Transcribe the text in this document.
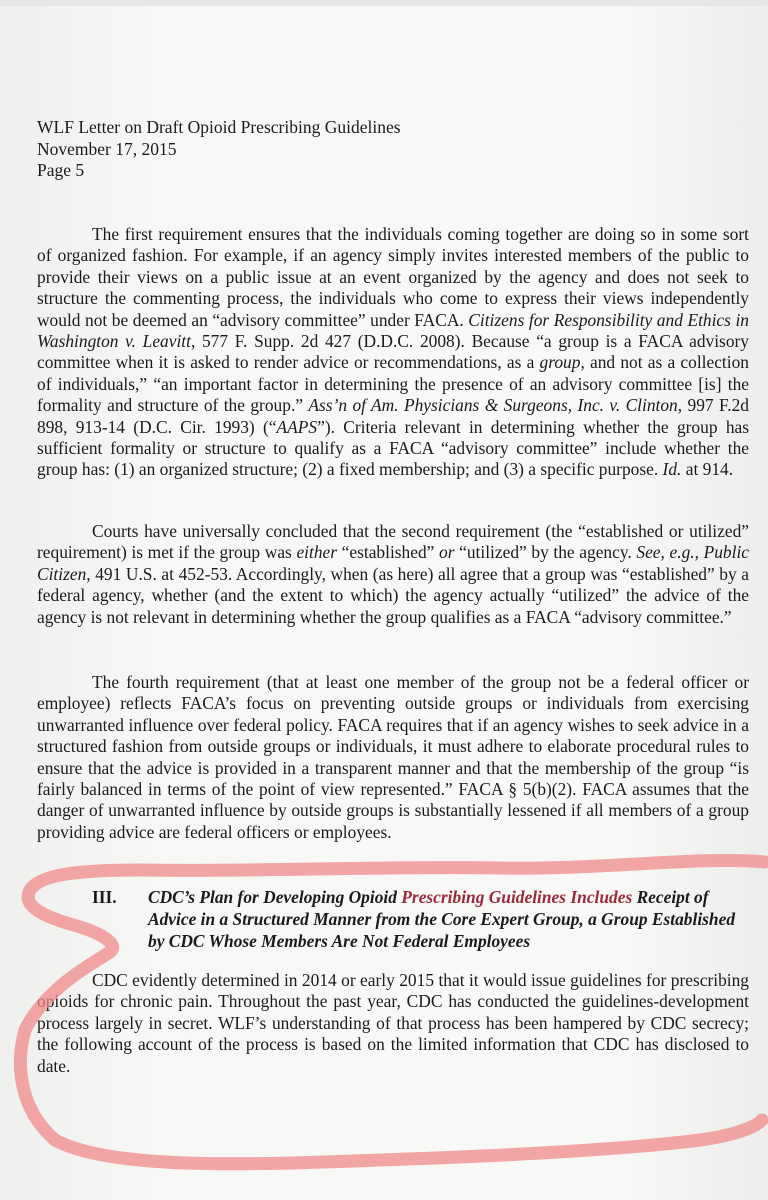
WLF Letter on Draft Opioid Prescribing Guidelines
November 17, 2015
Page 5

The first requirement ensures that the individuals coming together are doing so in some sort of organized fashion. For example, if an agency simply invites interested members of the public to provide their views on a public issue at an event organized by the agency and does not seek to structure the commenting process, the individuals who come to express their views independently would not be deemed an “advisory committee” under FACA. Citizens for Responsibility and Ethics in Washington v. Leavitt, 577 F. Supp. 2d 427 (D.D.C. 2008). Because “a group is a FACA advisory committee when it is asked to render advice or recommendations, as a group, and not as a collection of individuals,” “an important factor in determining the presence of an advisory committee [is] the formality and structure of the group.” Ass’n of Am. Physicians & Surgeons, Inc. v. Clinton, 997 F.2d 898, 913-14 (D.C. Cir. 1993) (“AAPS”). Criteria relevant in determining whether the group has sufficient formality or structure to qualify as a FACA “advisory committee” include whether the group has: (1) an organized structure; (2) a fixed membership; and (3) a specific purpose. Id. at 914.

Courts have universally concluded that the second requirement (the “established or utilized” requirement) is met if the group was either “established” or “utilized” by the agency. See, e.g., Public Citizen, 491 U.S. at 452-53. Accordingly, when (as here) all agree that a group was “established” by a federal agency, whether (and the extent to which) the agency actually “utilized” the advice of the agency is not relevant in determining whether the group qualifies as a FACA “advisory committee.”

The fourth requirement (that at least one member of the group not be a federal officer or employee) reflects FACA’s focus on preventing outside groups or individuals from exercising unwarranted influence over federal policy. FACA requires that if an agency wishes to seek advice in a structured fashion from outside groups or individuals, it must adhere to elaborate procedural rules to ensure that the advice is provided in a transparent manner and that the membership of the group “is fairly balanced in terms of the point of view represented.” FACA § 5(b)(2). FACA assumes that the danger of unwarranted influence by outside groups is substantially lessened if all members of a group providing advice are federal officers or employees.

III. CDC’s Plan for Developing Opioid Prescribing Guidelines Includes Receipt of Advice in a Structured Manner from the Core Expert Group, a Group Established by CDC Whose Members Are Not Federal Employees

CDC evidently determined in 2014 or early 2015 that it would issue guidelines for prescribing opioids for chronic pain. Throughout the past year, CDC has conducted the guidelines-development process largely in secret. WLF’s understanding of that process has been hampered by CDC secrecy; the following account of the process is based on the limited information that CDC has disclosed to date.
